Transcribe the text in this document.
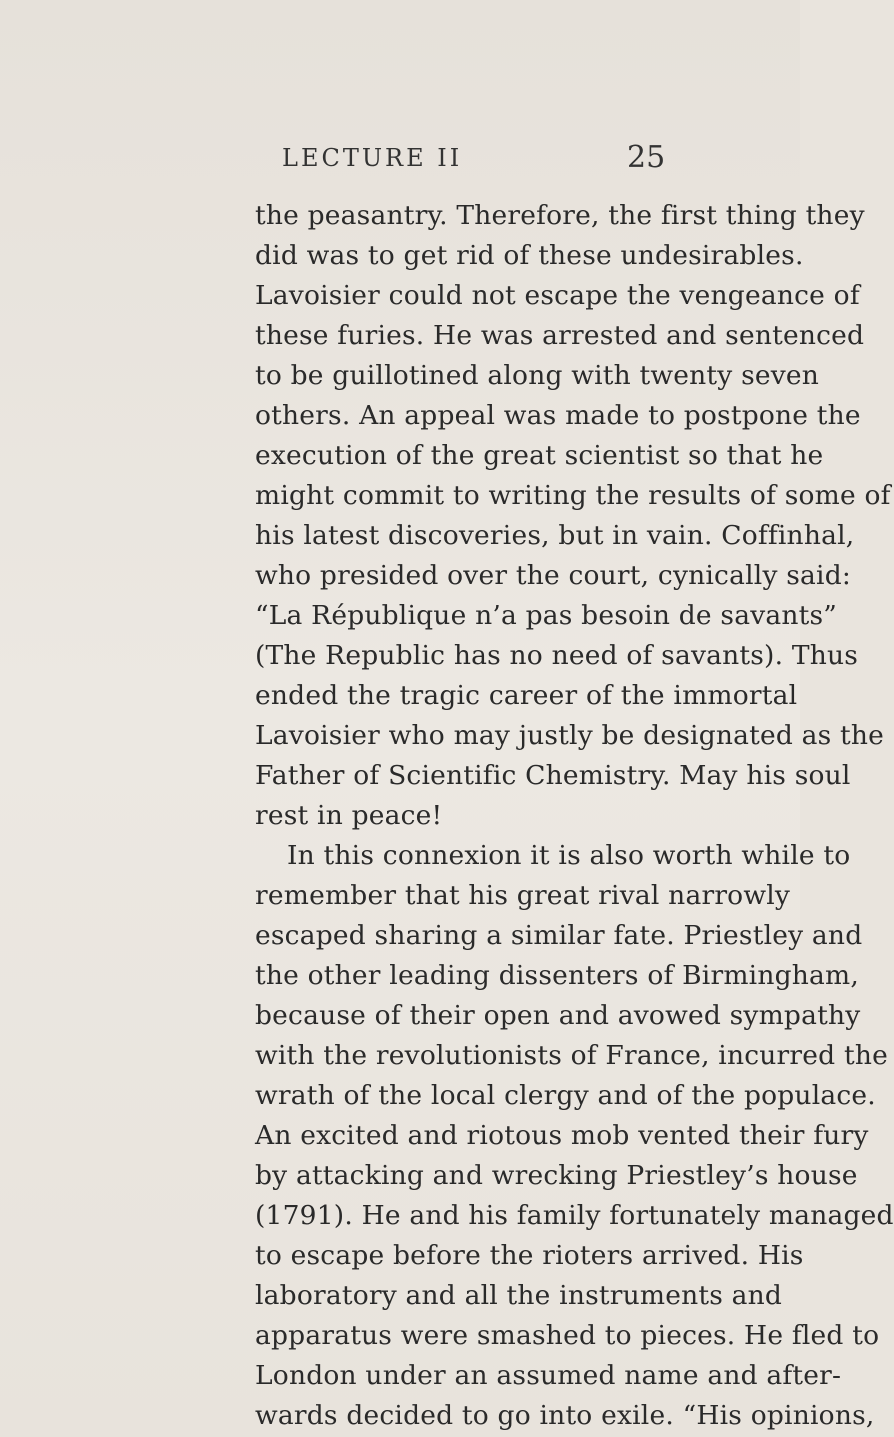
LECTURE II	25
the peasantry. Therefore, the first thing they
did was to get rid of these undesirables.
Lavoisier could not escape the vengeance of
these furies. He was arrested and sentenced
to be guillotined along with twenty seven
others. An appeal was made to postpone the
execution of the great scientist so that he
might commit to writing the results of some of
his latest discoveries, but in vain. Coffinhal,
who presided over the court, cynically said:
“La République n’a pas besoin de savants”
(The Republic has no need of savants). Thus
ended the tragic career of the immortal
Lavoisier who may justly be designated as the
Father of Scientific Chemistry. May his soul
rest in peace!
In this connexion it is also worth while to
remember that his great rival narrowly
escaped sharing a similar fate. Priestley and
the other leading dissenters of Birmingham,
because of their open and avowed sympathy
with the revolutionists of France, incurred the
wrath of the local clergy and of the populace.
An excited and riotous mob vented their fury
by attacking and wrecking Priestley’s house
(1791). He and his family fortunately managed
to escape before the rioters arrived. His
laboratory and all the instruments and
apparatus were smashed to pieces. He fled to
London under an assumed name and after-
wards decided to go into exile. “His opinions,
